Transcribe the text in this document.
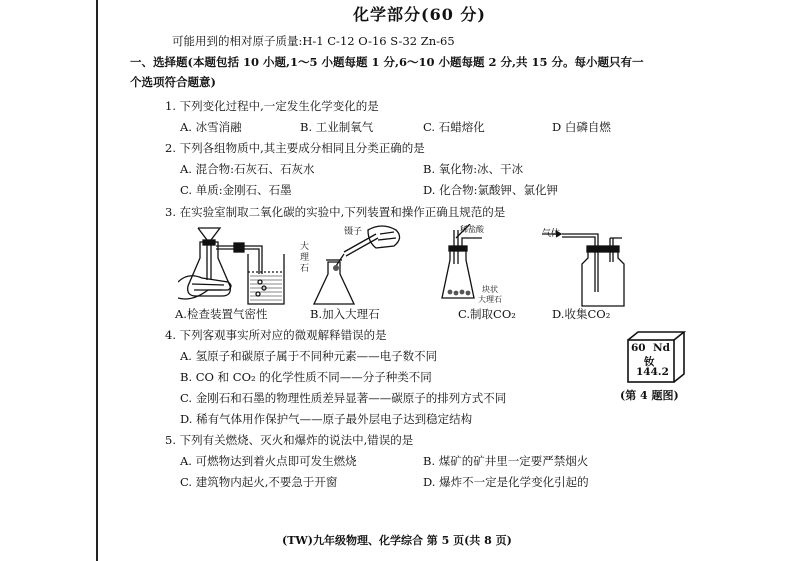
化学部分(60 分)
可能用到的相对原子质量:H-1 C-12 O-16 S-32 Zn-65
一、选择题(本题包括 10 小题,1～5 小题每题 1 分,6～10 小题每题 2 分,共 15 分。每小题只有一
个选项符合题意)
1. 下列变化过程中,一定发生化学变化的是
A. 冰雪消融	B. 工业制氧气	C. 石蜡熔化	D 白磷自燃
2. 下列各组物质中,其主要成分相同且分类正确的是
A. 混合物:石灰石、石灰水	B. 氧化物:冰、干冰
C. 单质:金刚石、石墨	D. 化合物:氯酸钾、氯化钾
3. 在实验室制取二氧化碳的实验中,下列装置和操作正确且规范的是
镊子
大理石
稀盐酸
块状
大理石
气体
A.检查装置气密性	B.加入大理石	C.制取CO₂	D.收集CO₂
4. 下列客观事实所对应的微观解释错误的是
A. 氢原子和碳原子属于不同种元素——电子数不同
B. CO 和 CO₂ 的化学性质不同——分子种类不同
C. 金刚石和石墨的物理性质差异显著——碳原子的排列方式不同
D. 稀有气体用作保护气——原子最外层电子达到稳定结构
60 Nd
钕
144.2
(第 4 题图)
5. 下列有关燃烧、灭火和爆炸的说法中,错误的是
A. 可燃物达到着火点即可发生燃烧	B. 煤矿的矿井里一定要严禁烟火
C. 建筑物内起火,不要急于开窗	D. 爆炸不一定是化学变化引起的
(TW)九年级物理、化学综合 第 5 页(共 8 页)
